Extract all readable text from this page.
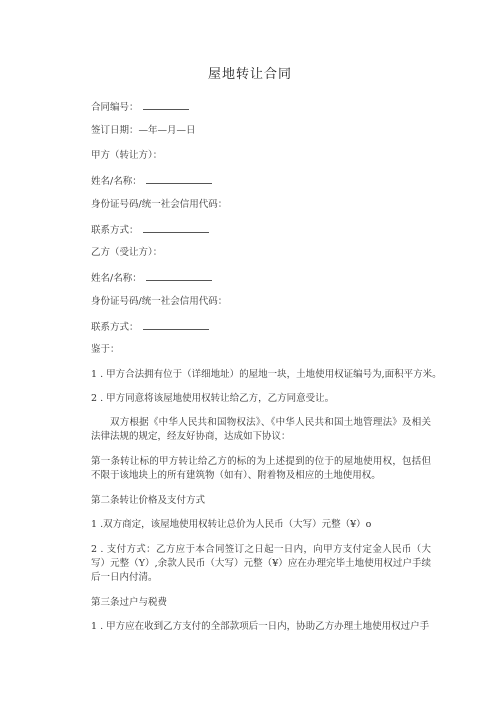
屋地转让合同
合同编号：
签订日期：—年—月—日
甲方（转让方）：
姓名/名称：
身份证号码/统一社会信用代码：
联系方式：
乙方（受让方）：
姓名/名称：
身份证号码/统一社会信用代码：
联系方式：
鉴于：
1 . 甲方合法拥有位于（详细地址）的屋地一块，土地使用权证编号为,面积平方米。
2 . 甲方同意将该屋地使用权转让给乙方，乙方同意受让。
双方根据《中华人民共和国物权法》、《中华人民共和国土地管理法》及相关法律法规的规定，经友好协商，达成如下协议：
第一条转让标的甲方转让给乙方的标的为上述提到的位于的屋地使用权，包括但不限于该地块上的所有建筑物（如有）、附着物及相应的土地使用权。
第二条转让价格及支付方式
1 .双方商定，该屋地使用权转让总价为人民币（大写）元整（¥）o
2 . 支付方式：乙方应于本合同签订之日起一日内，向甲方支付定金人民币（大写）元整（Y）,余款人民币（大写）元整（¥）应在办理完毕土地使用权过户手续后一日内付清。
第三条过户与税费
1 . 甲方应在收到乙方支付的全部款项后一日内，协助乙方办理土地使用权过户手
